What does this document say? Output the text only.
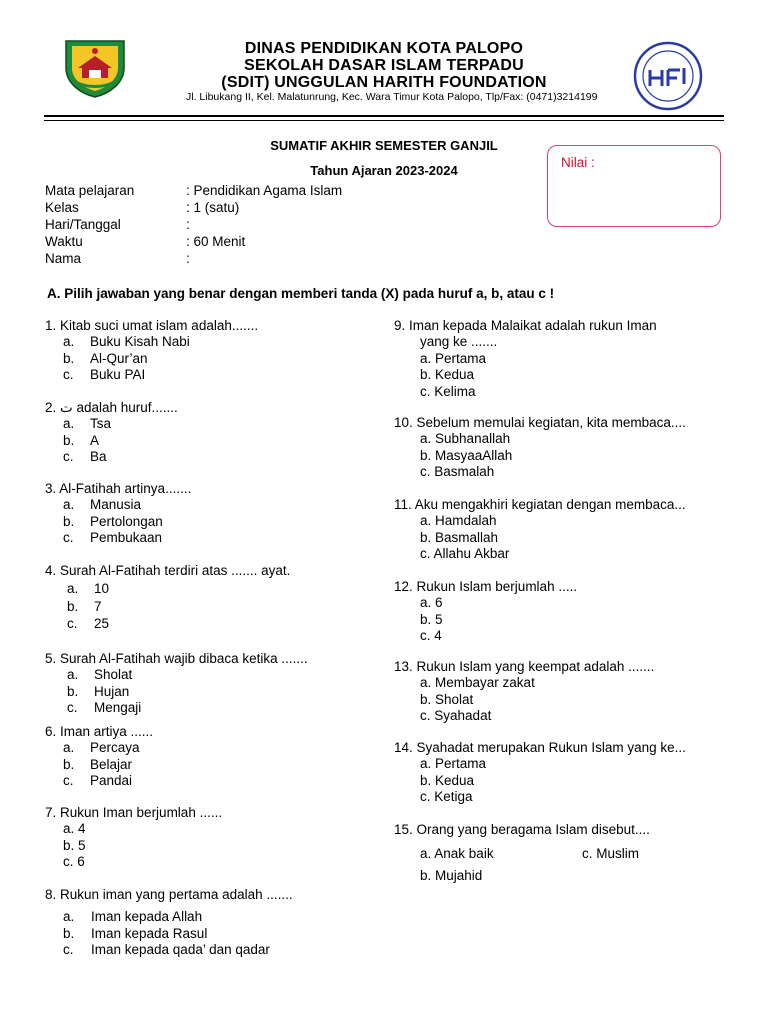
DINAS PENDIDIKAN KOTA PALOPO
SEKOLAH DASAR ISLAM TERPADU
(SDIT) UNGGULAN HARITH FOUNDATION
Jl. Libukang II, Kel. Malatunrung, Kec. Wara Timur Kota Palopo, Tlp/Fax: (0471)3214199
SUMATIF AKHIR SEMESTER GANJIL
Tahun Ajaran 2023-2024
Nilai :
Mata pelajaran	: Pendidikan Agama Islam
Kelas	: 1 (satu)
Hari/Tanggal	:
Waktu	: 60 Menit
Nama	:
A. Pilih jawaban yang benar dengan memberi tanda (X) pada huruf a, b, atau c !
1. Kitab suci umat islam adalah.......
a. Buku Kisah Nabi
b. Al-Qur’an
c. Buku PAI
2. ت adalah huruf.......
a. Tsa
b. A
c. Ba
3. Al-Fatihah artinya.......
a. Manusia
b. Pertolongan
c. Pembukaan
4. Surah Al-Fatihah terdiri atas ....... ayat.
a. 10
b. 7
c. 25
5. Surah Al-Fatihah wajib dibaca ketika .......
a. Sholat
b. Hujan
c. Mengaji
6. Iman artiya ......
a. Percaya
b. Belajar
c. Pandai
7. Rukun Iman berjumlah ......
a. 4
b. 5
c. 6
8. Rukun iman yang pertama adalah .......
a. Iman kepada Allah
b. Iman kepada Rasul
c. Iman kepada qada’ dan qadar
9. Iman kepada Malaikat adalah rukun Iman
yang ke .......
a. Pertama
b. Kedua
c. Kelima
10. Sebelum memulai kegiatan, kita membaca....
a. Subhanallah
b. MasyaaAllah
c. Basmalah
11. Aku mengakhiri kegiatan dengan membaca...
a. Hamdalah
b. Basmallah
c. Allahu Akbar
12. Rukun Islam berjumlah .....
a. 6
b. 5
c. 4
13. Rukun Islam yang keempat adalah .......
a. Membayar zakat
b. Sholat
c. Syahadat
14. Syahadat merupakan Rukun Islam yang ke...
a. Pertama
b. Kedua
c. Ketiga
15. Orang yang beragama Islam disebut....
a. Anak baik	c. Muslim
b. Mujahid
